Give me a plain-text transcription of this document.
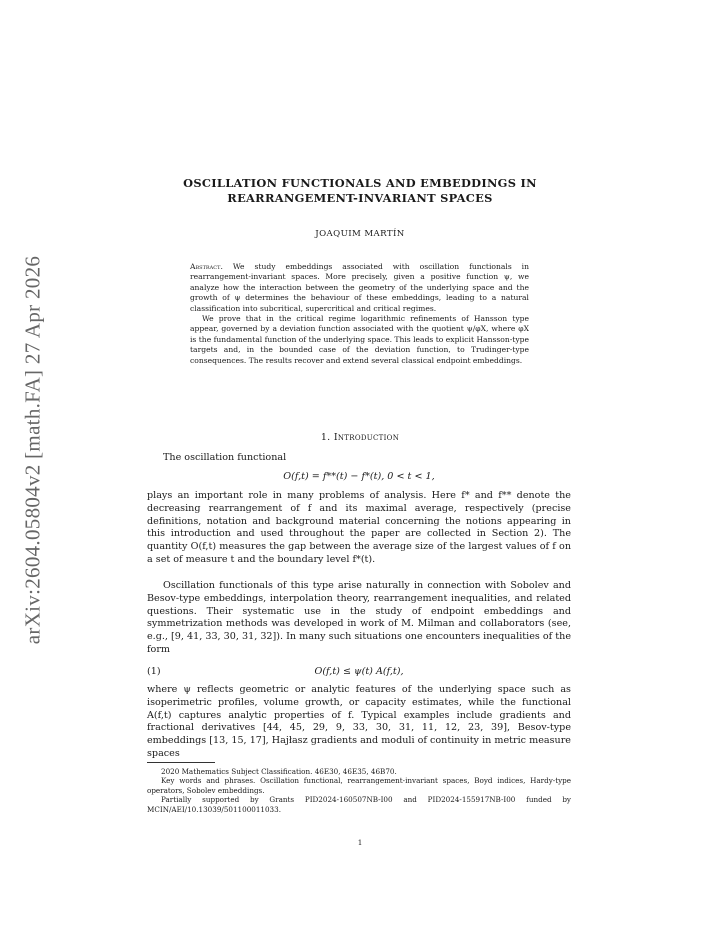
arXiv:2604.05804v2 [math.FA] 27 Apr 2026
OSCILLATION FUNCTIONALS AND EMBEDDINGS IN REARRANGEMENT-INVARIANT SPACES
JOAQUIM MARTÍN

Abstract. We study embeddings associated with oscillation functionals in rearrangement-invariant spaces. More precisely, given a positive function ψ, we analyze how the interaction between the geometry of the underlying space and the growth of ψ determines the behaviour of these embeddings, leading to a natural classification into subcritical, supercritical and critical regimes.

We prove that in the critical regime logarithmic refinements of Hansson type appear, governed by a deviation function associated with the quotient ψ/φX, where φX is the fundamental function of the underlying space. This leads to explicit Hansson-type targets and, in the bounded case of the deviation function, to Trudinger-type consequences. The results recover and extend several classical endpoint embeddings.

1. Introduction

The oscillation functional

O(f,t) = f**(t) − f*(t), 0 < t < 1,

plays an important role in many problems of analysis. Here f* and f** denote the decreasing rearrangement of f and its maximal average, respectively (precise definitions, notation and background material concerning the notions appearing in this introduction and used throughout the paper are collected in Section 2). The quantity O(f,t) measures the gap between the average size of the largest values of f on a set of measure t and the boundary level f*(t).

Oscillation functionals of this type arise naturally in connection with Sobolev and Besov-type embeddings, interpolation theory, rearrangement inequalities, and related questions. Their systematic use in the study of endpoint embeddings and symmetrization methods was developed in work of M. Milman and collaborators (see, e.g., [9, 41, 33, 30, 31, 32]). In many such situations one encounters inequalities of the form

(1)	O(f,t) ≤ ψ(t) A(f,t),

where ψ reflects geometric or analytic features of the underlying space such as isoperimetric profiles, volume growth, or capacity estimates, while the functional A(f,t) captures analytic properties of f. Typical examples include gradients and fractional derivatives [44, 45, 29, 9, 33, 30, 31, 11, 12, 23, 39], Besov-type embeddings [13, 15, 17], Hajłasz gradients and moduli of continuity in metric measure spaces

2020 Mathematics Subject Classification. 46E30, 46E35, 46B70.

Key words and phrases. Oscillation functional, rearrangement-invariant spaces, Boyd indices, Hardy-type operators, Sobolev embeddings.

Partially supported by Grants PID2024-160507NB-I00 and PID2024-155917NB-I00 funded by MCIN/AEI/10.13039/501100011033.

1
